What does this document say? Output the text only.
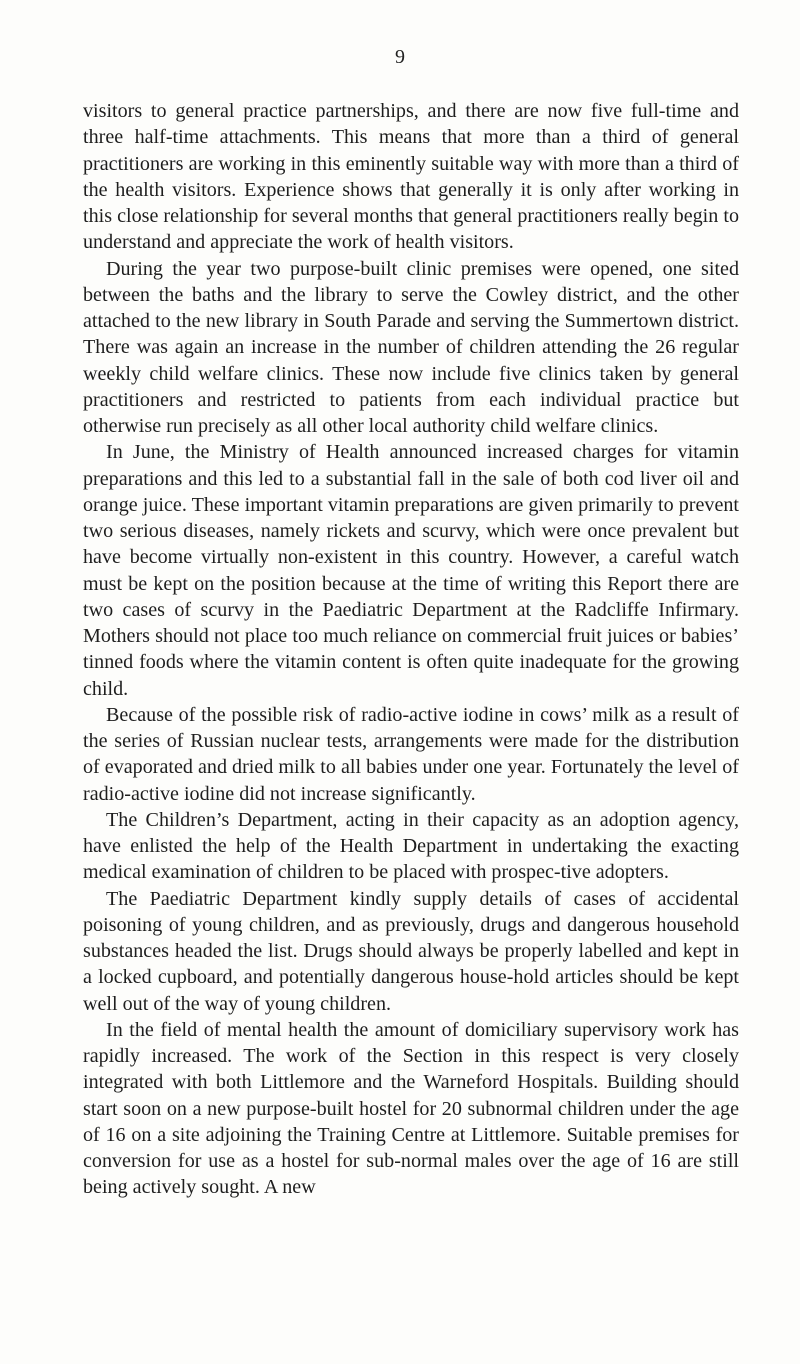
9

visitors to general practice partnerships, and there are now five full-time and three half-time attachments. This means that more than a third of general practitioners are working in this eminently suitable way with more than a third of the health visitors. Experience shows that generally it is only after working in this close relationship for several months that general practitioners really begin to understand and appreciate the work of health visitors.

During the year two purpose-built clinic premises were opened, one sited between the baths and the library to serve the Cowley district, and the other attached to the new library in South Parade and serving the Summertown district. There was again an increase in the number of children attending the 26 regular weekly child welfare clinics. These now include five clinics taken by general practitioners and restricted to patients from each individual practice but otherwise run precisely as all other local authority child welfare clinics.

In June, the Ministry of Health announced increased charges for vitamin preparations and this led to a substantial fall in the sale of both cod liver oil and orange juice. These important vitamin preparations are given primarily to prevent two serious diseases, namely rickets and scurvy, which were once prevalent but have become virtually non-existent in this country. However, a careful watch must be kept on the position because at the time of writing this Report there are two cases of scurvy in the Paediatric Department at the Radcliffe Infirmary. Mothers should not place too much reliance on commercial fruit juices or babies’ tinned foods where the vitamin content is often quite inadequate for the growing child.

Because of the possible risk of radio-active iodine in cows’ milk as a result of the series of Russian nuclear tests, arrangements were made for the distribution of evaporated and dried milk to all babies under one year. Fortunately the level of radio-active iodine did not increase significantly.

The Children’s Department, acting in their capacity as an adoption agency, have enlisted the help of the Health Department in undertaking the exacting medical examination of children to be placed with prospec-tive adopters.

The Paediatric Department kindly supply details of cases of accidental poisoning of young children, and as previously, drugs and dangerous household substances headed the list. Drugs should always be properly labelled and kept in a locked cupboard, and potentially dangerous house-hold articles should be kept well out of the way of young children.

In the field of mental health the amount of domiciliary supervisory work has rapidly increased. The work of the Section in this respect is very closely integrated with both Littlemore and the Warneford Hospitals. Building should start soon on a new purpose-built hostel for 20 subnormal children under the age of 16 on a site adjoining the Training Centre at Littlemore. Suitable premises for conversion for use as a hostel for sub-normal males over the age of 16 are still being actively sought. A new
